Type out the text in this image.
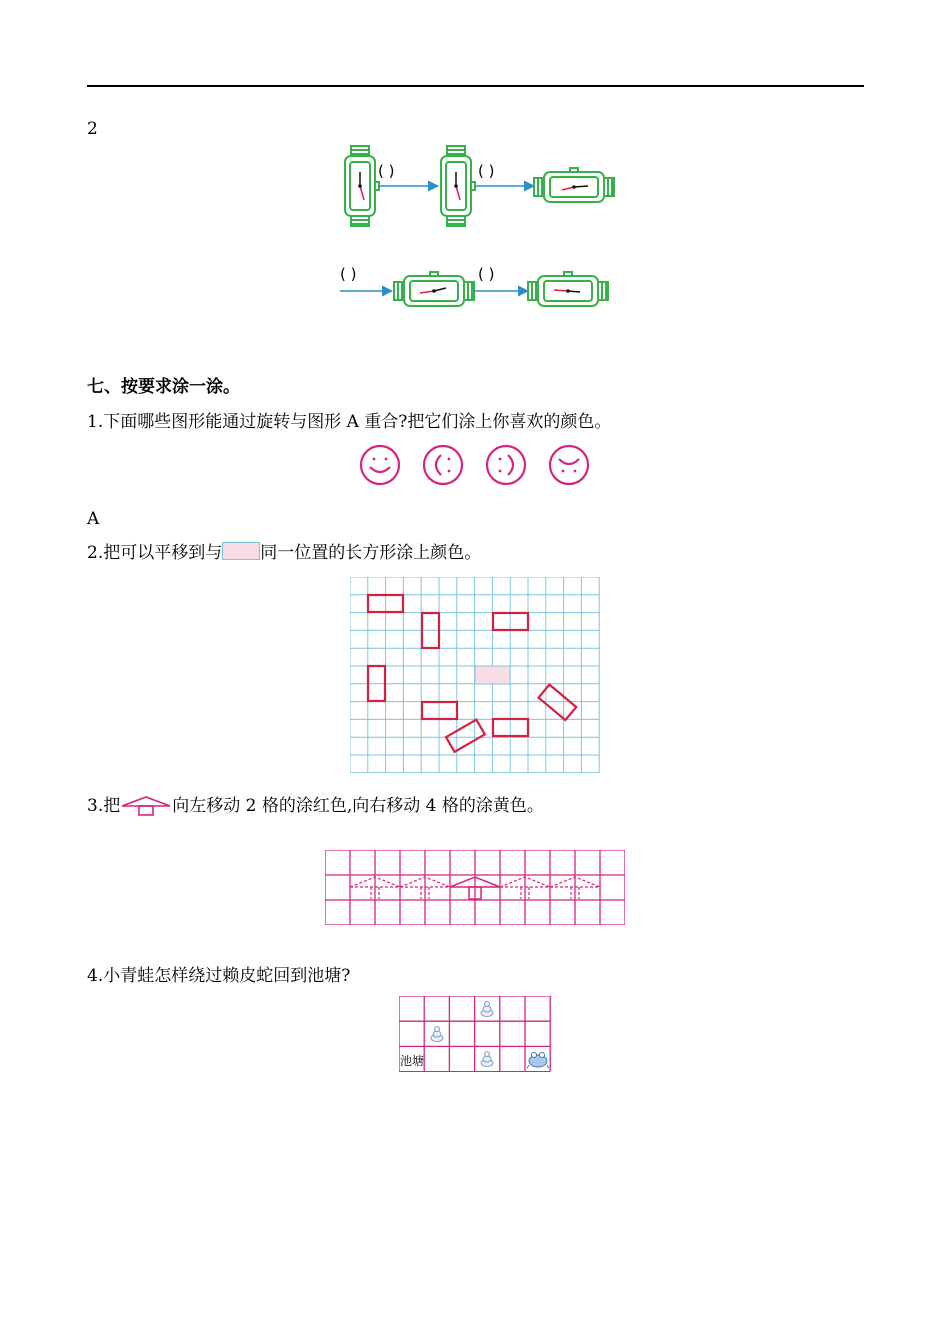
2
( )	( )
( )	( )
七、按要求涂一涂。
1.下面哪些图形能通过旋转与图形 A 重合?把它们涂上你喜欢的颜色。
A
2.把可以平移到与 同一位置的长方形涂上颜色。
3.把	向左移动 2 格的涂红色,向右移动 4 格的涂黄色。
4.小青蛙怎样绕过赖皮蛇回到池塘?
池塘
